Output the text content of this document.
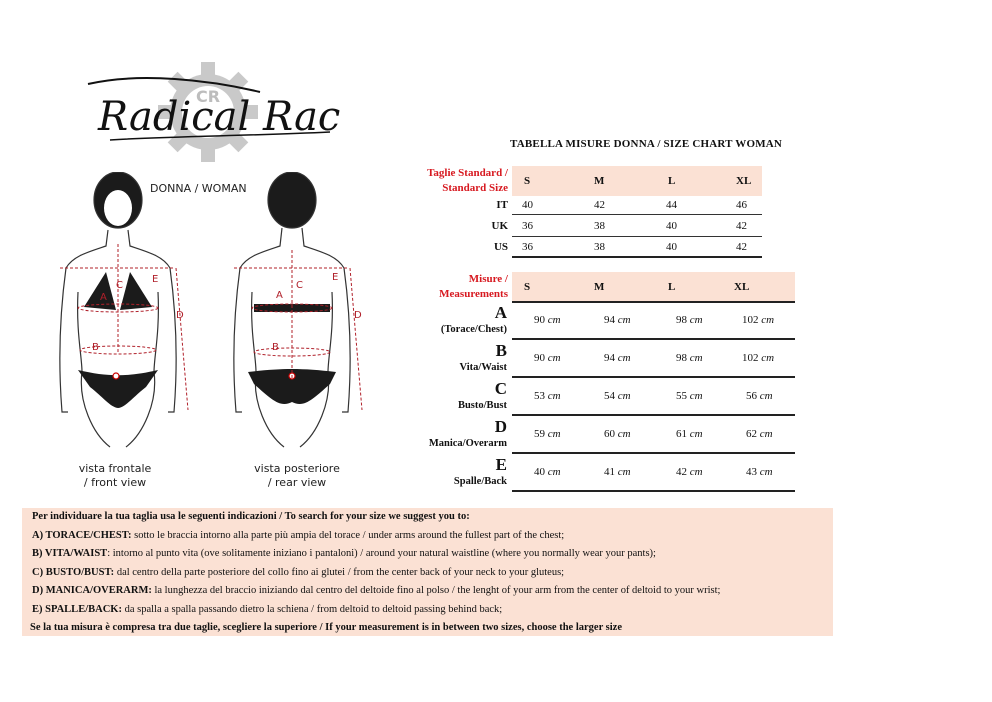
CR
Radical Rac
DONNA / WOMAN
E
C
A
D
B
vista frontale
/ front view
E
C
A
D
B
vista posteriore
/ rear view
TABELLA MISURE DONNA / SIZE CHART WOMAN
Taglie Standard /
Standard Size
S	M	L	XL
IT 40	42	44	46
UK 36	38	40	42
US 36	38	40	42
Misure /
Measurements
S	M	L	XL
A
(Torace/Chest)
90 cm	94 cm	98 cm	102 cm
B
Vita/Waist
90 cm	94 cm	98 cm	102 cm
C
Busto/Bust
53 cm	54 cm	55 cm	56 cm
D
Manica/Overarm
59 cm	60 cm	61 cm	62 cm
E
Spalle/Back
40 cm	41 cm	42 cm	43 cm
Per individuare la tua taglia usa le seguenti indicazioni / To search for your size we suggest you to:
A) TORACE/CHEST: sotto le braccia intorno alla parte più ampia del torace / under arms around the fullest part of the chest;
B) VITA/WAIST: intorno al punto vita (ove solitamente iniziano i pantaloni) / around your natural waistline (where you normally wear your pants);
C) BUSTO/BUST: dal centro della parte posteriore del collo fino ai glutei / from the center back of your neck to your gluteus;
D) MANICA/OVERARM: la lunghezza del braccio iniziando dal centro del deltoide fino al polso / the lenght of your arm from the center of deltoid to your wrist;
E) SPALLE/BACK: da spalla a spalla passando dietro la schiena / from deltoid to deltoid passing behind back;
Se la tua misura è compresa tra due taglie, scegliere la superiore / If your measurement is in between two sizes, choose the larger size
